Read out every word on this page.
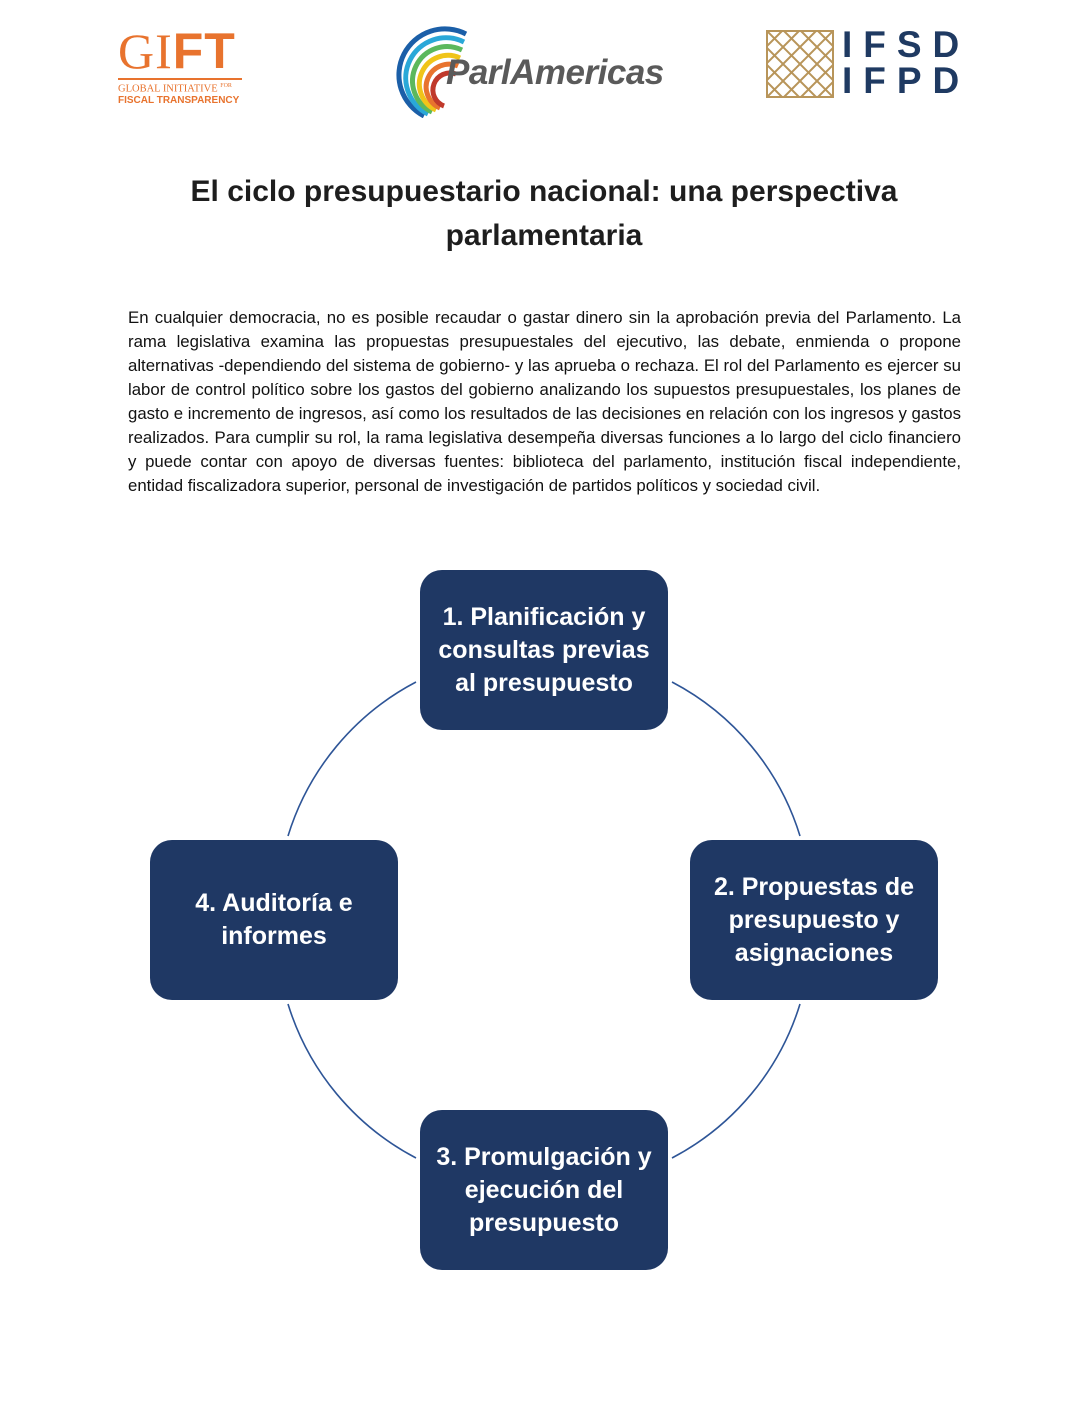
GIFT
GLOBAL INITIATIVE $^{FOR}$
FISCAL TRANSPARENCY
ParlAmericas
IFSD
IFPD
El ciclo presupuestario nacional: una perspectiva
parlamentaria

En cualquier democracia, no es posible recaudar o gastar dinero sin la aprobación previa del Parlamento. La rama legislativa examina las propuestas presupuestales del ejecutivo, las debate, enmienda o propone alternativas -dependiendo del sistema de gobierno- y las aprueba o rechaza. El rol del Parlamento es ejercer su labor de control político sobre los gastos del gobierno analizando los supuestos presupuestales, los planes de gasto e incremento de ingresos, así como los resultados de las decisiones en relación con los ingresos y gastos realizados. Para cumplir su rol, la rama legislativa desempeña diversas funciones a lo largo del ciclo financiero y puede contar con apoyo de diversas fuentes: biblioteca del parlamento, institución fiscal independiente, entidad fiscalizadora superior, personal de investigación de partidos políticos y sociedad civil.

1. Planificación y consultas previas al presupuesto
2. Propuestas de presupuesto y asignaciones
3. Promulgación y ejecución del presupuesto
4. Auditoría e informes
